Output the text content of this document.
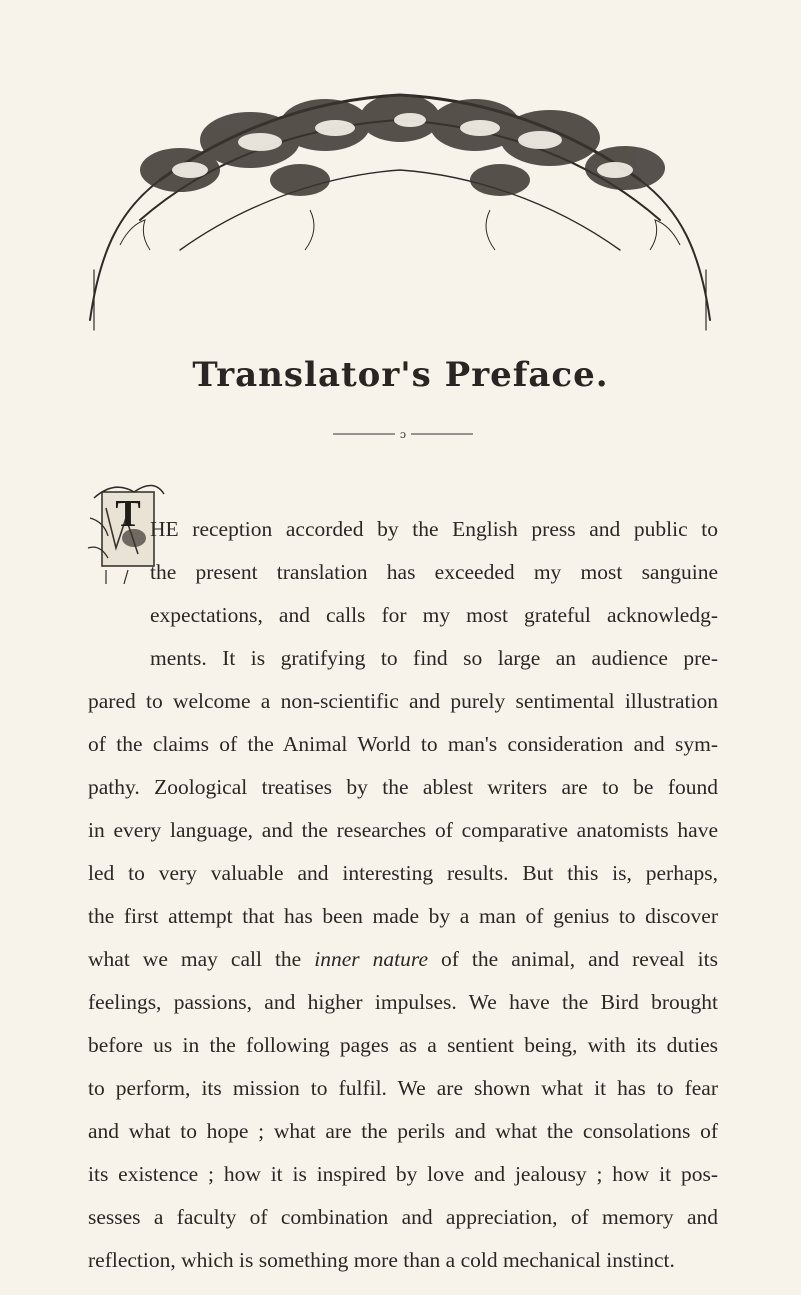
Translator's Preface.
ɔ
T HE reception accorded by the English press and public to
the present translation has exceeded my most sanguine
expectations, and calls for my most grateful acknowledg-
ments. It is gratifying to find so large an audience pre-
pared to welcome a non-scientific and purely sentimental illustration
of the claims of the Animal World to man's consideration and sym-
pathy. Zoological treatises by the ablest writers are to be found
in every language, and the researches of comparative anatomists have
led to very valuable and interesting results. But this is, perhaps,
the first attempt that has been made by a man of genius to discover
what we may call the inner nature of the animal, and reveal its
feelings, passions, and higher impulses. We have the Bird brought
before us in the following pages as a sentient being, with its duties
to perform, its mission to fulfil. We are shown what it has to fear
and what to hope ; what are the perils and what the consolations of
its existence ; how it is inspired by love and jealousy ; how it pos-
sesses a faculty of combination and appreciation, of memory and
reflection, which is something more than a cold mechanical instinct.
